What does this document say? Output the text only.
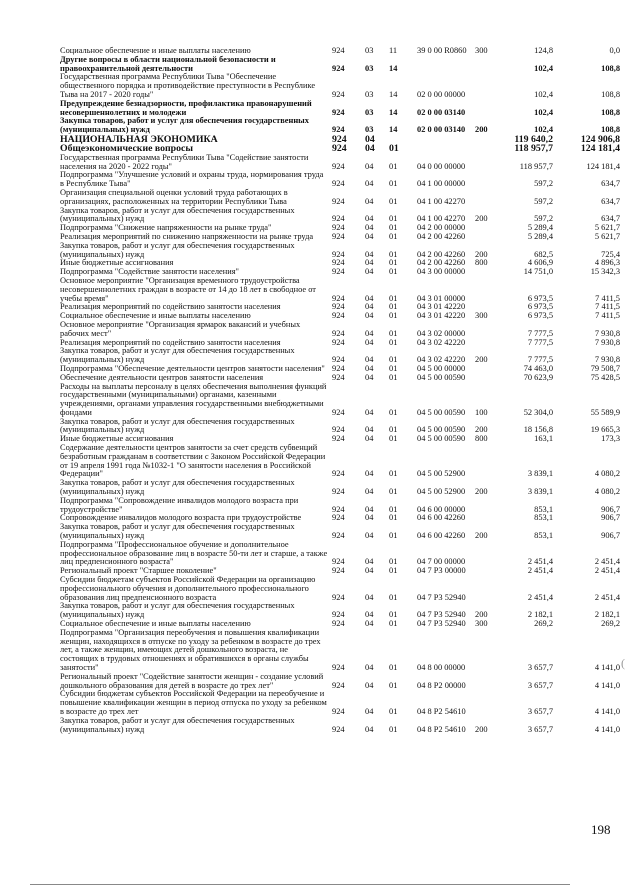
Социальное обеспечение и иные выплаты населению	924 03 11 39 0 00 R0860 300	124,8	0,0
Другие вопросы в области национальной безопасности и правоохранительной деятельности	924 03 14	102,4	108,8
Государственная программа Республики Тыва "Обеспечение общественного порядка и противодействие преступности в Республике Тыва на 2017 - 2020 годы"	924 03 14 02 0 00 00000	102,4	108,8
Предупреждение безнадзорности, профилактика правонарушений несовершеннолетних и молодежи	924 03 14 02 0 00 03140	102,4	108,8
Закупка товаров, работ и услуг для обеспечения государственных (муниципальных) нужд	924 03 14 02 0 00 03140 200	102,4	108,8
НАЦИОНАЛЬНАЯ ЭКОНОМИКА	924 04	119 640,2	124 906,8
Общеэкономические вопросы	924 04 01	118 957,7	124 181,4
Государственная программа Республики Тыва "Содействие занятости населения на 2020 - 2022 годы"	924 04 01 04 0 00 00000	118 957,7	124 181,4
Подпрограмма "Улучшение условий и охраны труда, нормирования труда в Республике Тыва"	924 04 01 04 1 00 00000	597,2	634,7
Организация специальной оценки условий труда работающих в организациях, расположенных на территории Республики Тыва	924 04 01 04 1 00 42270	597,2	634,7
Закупка товаров, работ и услуг для обеспечения государственных (муниципальных) нужд	924 04 01 04 1 00 42270 200	597,2	634,7
Подпрограмма "Снижение напряженности на рынке труда"	924 04 01 04 2 00 00000	5 289,4	5 621,7
Реализация мероприятий по снижению напряженности на рынке труда	924 04 01 04 2 00 42260	5 289,4	5 621,7
Закупка товаров, работ и услуг для обеспечения государственных (муниципальных) нужд	924 04 01 04 2 00 42260 200	682,5	725,4
Иные бюджетные ассигнования	924 04 01 04 2 00 42260 800	4 606,9	4 896,3
Подпрограмма "Содействие занятости населения"	924 04 01 04 3 00 00000	14 751,0	15 342,3
Основное мероприятие "Организация временного трудоустройства несовершеннолетних граждан в возрасте от 14 до 18 лет в свободное от учебы время"	924 04 01 04 3 01 00000	6 973,5	7 411,5
Реализация мероприятий по содействию занятости населения	924 04 01 04 3 01 42220	6 973,5	7 411,5
Социальное обеспечение и иные выплаты населению	924 04 01 04 3 01 42220 300	6 973,5	7 411,5
Основное мероприятие "Организация ярмарок вакансий и учебных рабочих мест"	924 04 01 04 3 02 00000	7 777,5	7 930,8
Реализация мероприятий по содействию занятости населения	924 04 01 04 3 02 42220	7 777,5	7 930,8
Закупка товаров, работ и услуг для обеспечения государственных (муниципальных) нужд	924 04 01 04 3 02 42220 200	7 777,5	7 930,8
Подпрограмма "Обеспечение деятельности центров занятости населения" 924 04 01 04 5 00 00000	74 463,0	79 508,7
Обеспечение деятельности центров занятости населения	924 04 01 04 5 00 00590	70 623,9	75 428,5
Расходы на выплаты персоналу в целях обеспечения выполнения функций государственными (муниципальными) органами, казенными учреждениями, органами управления государственными внебюджетными фондами	924 04 01 04 5 00 00590 100	52 304,0	55 589,9
Закупка товаров, работ и услуг для обеспечения государственных (муниципальных) нужд	924 04 01 04 5 00 00590 200	18 156,8	19 665,3
Иные бюджетные ассигнования	924 04 01 04 5 00 00590 800	163,1	173,3
Содержание деятельности центров занятости за счет средств субвенций безработным гражданам в соответствии с Законом Российской Федерации от 19 апреля 1991 года №1032-1 "О занятости населения в Российской Федерации"	924 04 01 04 5 00 52900	3 839,1	4 080,2
Закупка товаров, работ и услуг для обеспечения государственных (муниципальных) нужд	924 04 01 04 5 00 52900 200	3 839,1	4 080,2
Подпрограмма "Сопровождение инвалидов молодого возраста при трудоустройстве"	924 04 01 04 6 00 00000	853,1	906,7
Сопровождение инвалидов молодого возраста при трудоустройстве	924 04 01 04 6 00 42260	853,1	906,7
Закупка товаров, работ и услуг для обеспечения государственных (муниципальных) нужд	924 04 01 04 6 00 42260 200	853,1	906,7
Подпрограмма "Профессиональное обучение и дополнительное профессиональное образование лиц в возрасте 50-ти лет и старше, а также лиц предпенсионного возраста"	924 04 01 04 7 00 00000	2 451,4	2 451,4
Региональный проект "Старшее поколение"	924 04 01 04 7 P3 00000	2 451,4	2 451,4
Субсидии бюджетам субъектов Российской Федерации на организацию профессионального обучения и дополнительного профессионального образования лиц предпенсионного возраста	924 04 01 04 7 P3 52940	2 451,4	2 451,4
Закупка товаров, работ и услуг для обеспечения государственных (муниципальных) нужд	924 04 01 04 7 P3 52940 200	2 182,1	2 182,1
Социальное обеспечение и иные выплаты населению	924 04 01 04 7 P3 52940 300	269,2	269,2
Подпрограмма "Организация переобучения и повышения квалификации женщин, находящихся в отпуске по уходу за ребенком в возрасте до трех лет, а также женщин, имеющих детей дошкольного возраста, не состоящих в трудовых отношениях и обратившихся в органы службы занятости"	924 04 01 04 8 00 00000	3 657,7	4 141,0
Региональный проект "Содействие занятости женщин - создание условий дошкольного образования для детей в возрасте до трех лет"	924 04 01 04 8 P2 00000	3 657,7	4 141,0
Субсидии бюджетам субъектов Российской Федерации на переобучение и повышение квалификации женщин в период отпуска по уходу за ребенком в возрасте до трех лет	924 04 01 04 8 P2 54610	3 657,7	4 141,0
Закупка товаров, работ и услуг для обеспечения государственных (муниципальных) нужд	924 04 01 04 8 P2 54610 200	3 657,7	4 141,0
(
198
